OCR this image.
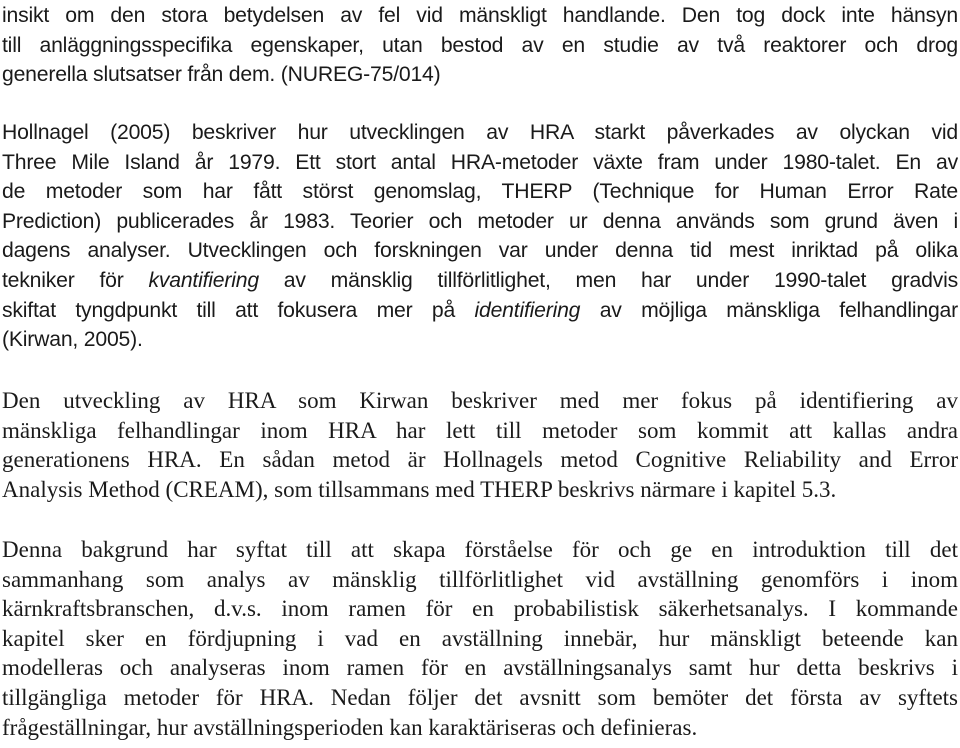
insikt om den stora betydelsen av fel vid mänskligt handlande. Den tog dock inte hänsyn
till anläggningsspecifika egenskaper, utan bestod av en studie av två reaktorer och drog
generella slutsatser från dem. (NUREG-75/014)
Hollnagel (2005) beskriver hur utvecklingen av HRA starkt påverkades av olyckan vid
Three Mile Island år 1979. Ett stort antal HRA-metoder växte fram under 1980-talet. En av
de metoder som har fått störst genomslag, THERP (Technique for Human Error Rate
Prediction) publicerades år 1983. Teorier och metoder ur denna används som grund även i
dagens analyser. Utvecklingen och forskningen var under denna tid mest inriktad på olika
tekniker för kvantifiering av mänsklig tillförlitlighet, men har under 1990-talet gradvis
skiftat tyngdpunkt till att fokusera mer på identifiering av möjliga mänskliga felhandlingar
(Kirwan, 2005).
Den utveckling av HRA som Kirwan beskriver med mer fokus på identifiering av
mänskliga felhandlingar inom HRA har lett till metoder som kommit att kallas andra
generationens HRA. En sådan metod är Hollnagels metod Cognitive Reliability and Error
Analysis Method (CREAM), som tillsammans med THERP beskrivs närmare i kapitel 5.3.
Denna bakgrund har syftat till att skapa förståelse för och ge en introduktion till det
sammanhang som analys av mänsklig tillförlitlighet vid avställning genomförs i inom
kärnkraftsbranschen, d.v.s. inom ramen för en probabilistisk säkerhetsanalys. I kommande
kapitel sker en fördjupning i vad en avställning innebär, hur mänskligt beteende kan
modelleras och analyseras inom ramen för en avställningsanalys samt hur detta beskrivs i
tillgängliga metoder för HRA. Nedan följer det avsnitt som bemöter det första av syftets
frågeställningar, hur avställningsperioden kan karaktäriseras och definieras.
